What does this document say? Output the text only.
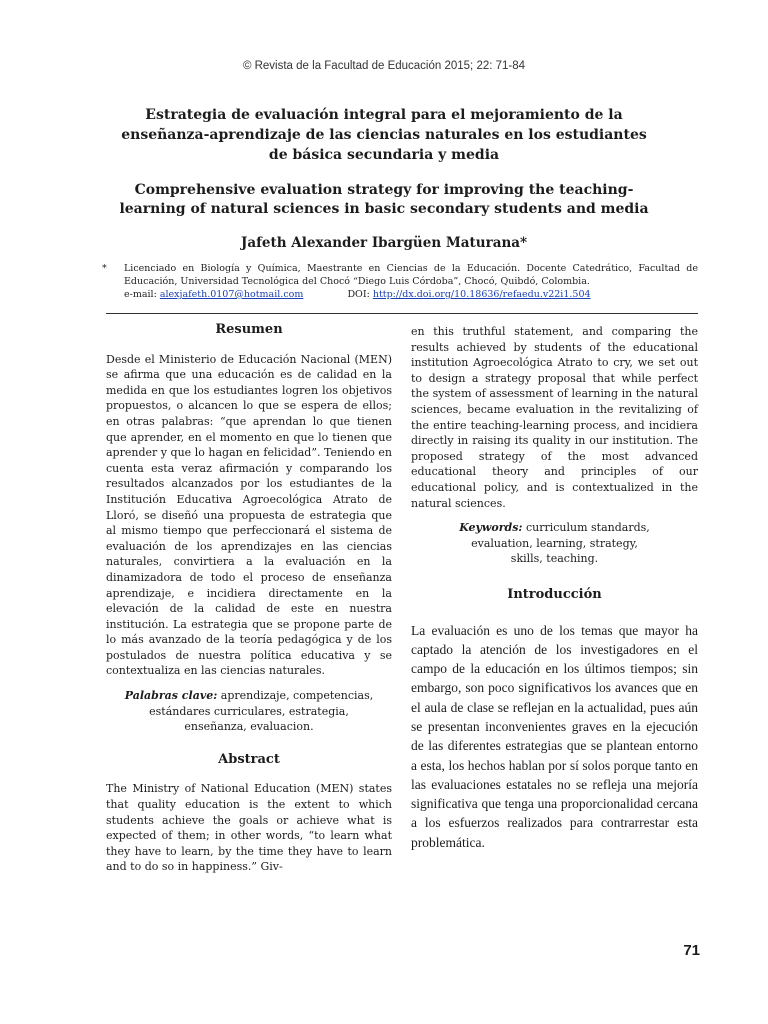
© Revista de la Facultad de Educación 2015; 22: 71-84
Estrategia de evaluación integral para el mejoramiento de la enseñanza-aprendizaje de las ciencias naturales en los estudiantes de básica secundaria y media
Comprehensive evaluation strategy for improving the teaching-learning of natural sciences in basic secondary students and media
Jafeth Alexander Ibargüen Maturana*
* Licenciado en Biología y Química, Maestrante en Ciencias de la Educación. Docente Catedrático, Facultad de Educación, Universidad Tecnológica del Chocó “Diego Luis Córdoba”, Chocó, Quibdó, Colombia.
e-mail: alexjafeth.0107@hotmail.com	DOI: http://dx.doi.org/10.18636/refaedu.v22i1.504
Resumen

Desde el Ministerio de Educación Nacional (MEN) se afirma que una educación es de calidad en la medida en que los estudiantes logren los objetivos propuestos, o alcancen lo que se espera de ellos; en otras palabras: “que aprendan lo que tienen que aprender, en el momento en que lo tienen que aprender y que lo hagan en felicidad”. Teniendo en cuenta esta veraz afirmación y comparando los resultados alcanzados por los estudiantes de la Institución Educativa Agroecológica Atrato de Lloró, se diseñó una propuesta de estrategia que al mismo tiempo que perfeccionará el sistema de evaluación de los aprendizajes en las ciencias naturales, convirtiera a la evaluación en la dinamizadora de todo el proceso de enseñanza aprendizaje, e incidiera directamente en la elevación de la calidad de este en nuestra institución. La estrategia que se propone parte de lo más avanzado de la teoría pedagógica y de los postulados de nuestra política educativa y se contextualiza en las ciencias naturales.

Palabras clave: aprendizaje, competencias,
estándares curriculares, estrategia,
enseñanza, evaluacion.
Abstract

The Ministry of National Education (MEN) states that quality education is the extent to which students achieve the goals or achieve what is expected of them; in other words, “to learn what they have to learn, by the time they have to learn and to do so in happiness.” Giv-

en this truthful statement, and comparing the results achieved by students of the educational institution Agroecológica Atrato to cry, we set out to design a strategy proposal that while perfect the system of assessment of learning in the natural sciences, became evaluation in the revitalizing of the entire teaching-learning process, and incidiera directly in raising its quality in our institution. The proposed strategy of the most advanced educational theory and principles of our educational policy, and is contextualized in the natural sciences.

Keywords: curriculum standards,
evaluation, learning, strategy,
skills, teaching.
Introducción

La evaluación es uno de los temas que mayor ha captado la atención de los investigadores en el campo de la educación en los últimos tiempos; sin embargo, son poco significativos los avances que en el aula de clase se reflejan en la actualidad, pues aún se presentan inconvenientes graves en la ejecución de las diferentes estrategias que se plantean entorno a esta, los hechos hablan por sí solos porque tanto en las evaluaciones estatales no se refleja una mejoría significativa que tenga una proporcionalidad cercana a los esfuerzos realizados para contrarrestar esta problemática.

71
